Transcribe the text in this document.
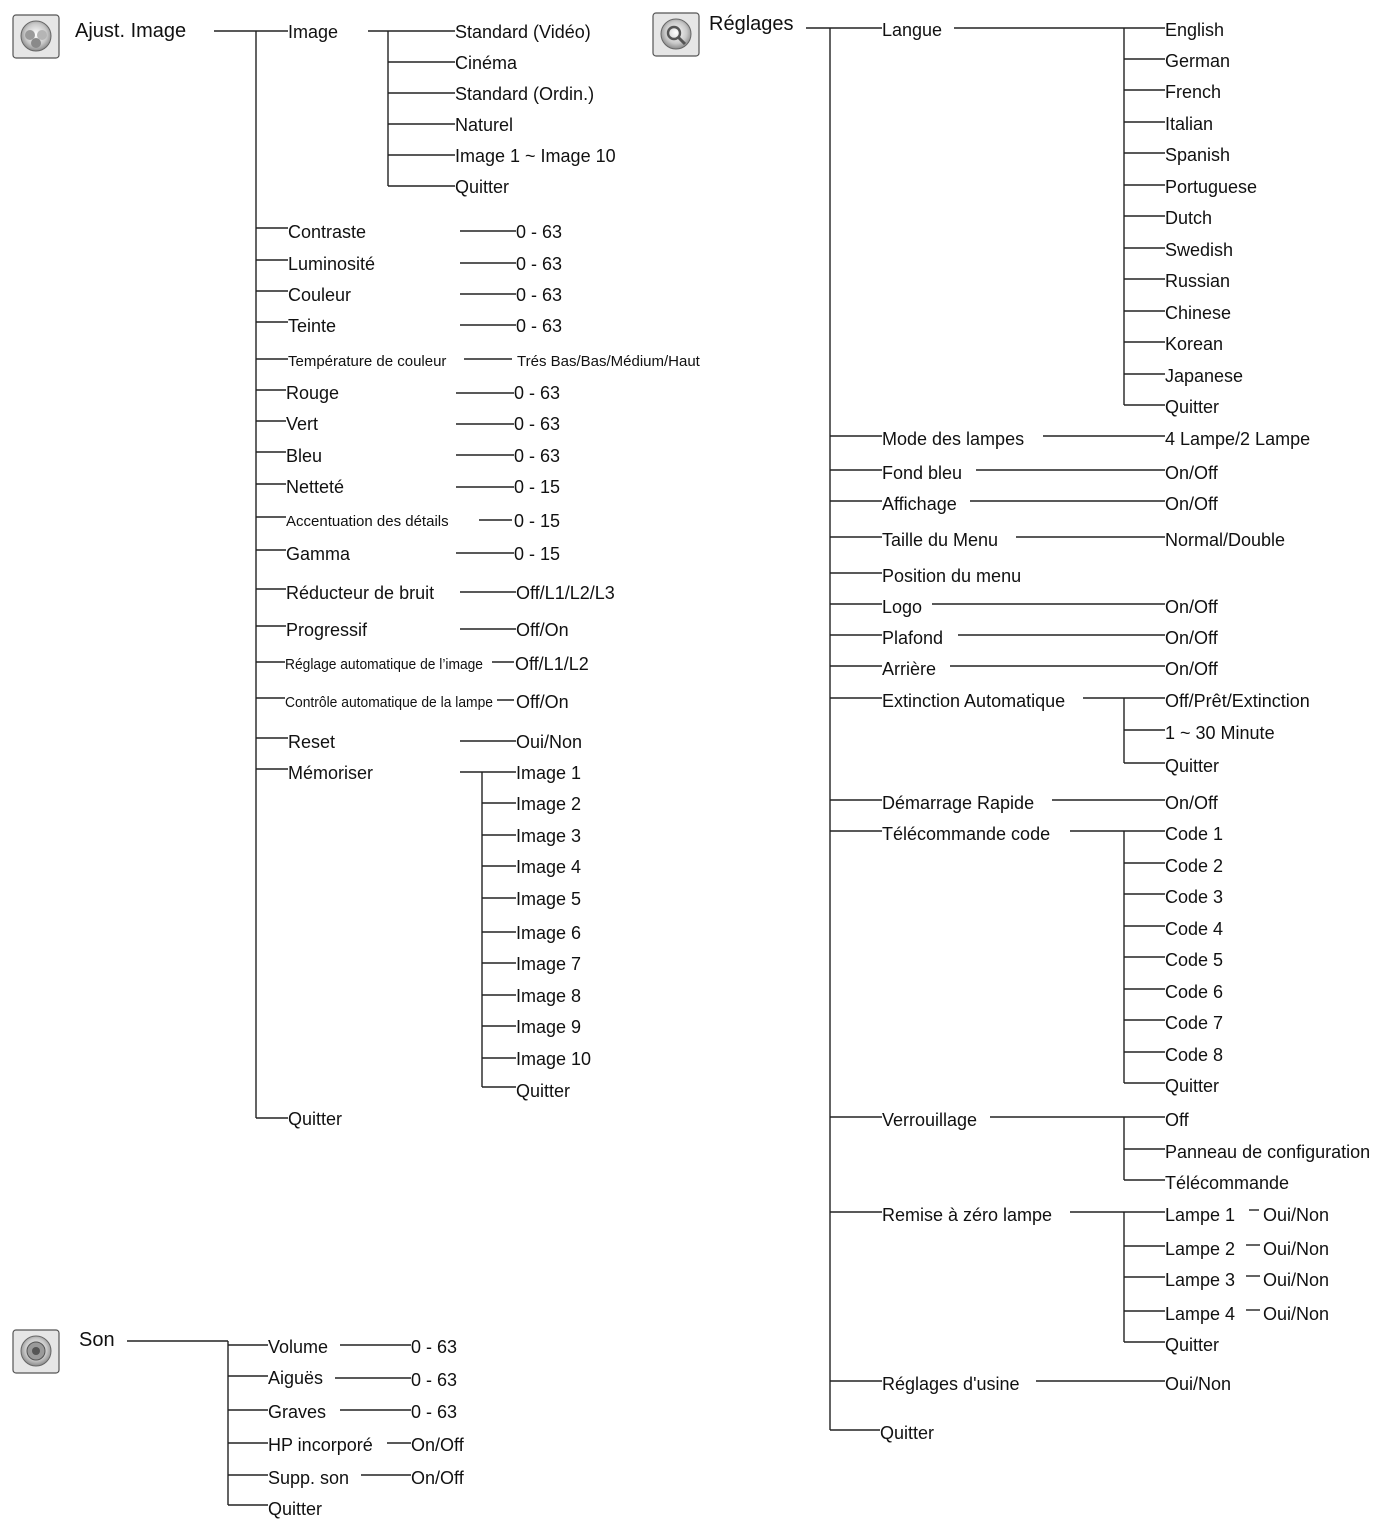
Ajust. Image	Image	Standard (Vidéo)
Cinéma
Standard (Ordin.)
Naturel
Image 1 ~ Image 10
Quitter
Contraste	0 - 63
Luminosité	0 - 63
Couleur	0 - 63
Teinte	0 - 63
Température de couleur	Trés Bas/Bas/Médium/Haut
Rouge	0 - 63
Vert	0 - 63
Bleu	0 - 63
Netteté	0 - 15
Accentuation des détails	0 - 15
Gamma	0 - 15
Réducteur de bruit	Off/L1/L2/L3
Progressif	Off/On
Réglage automatique de l’image Off/L1/L2
Contrôle automatique de la lampe Off/On
Reset	Oui/Non
Mémoriser	Image 1
Image 2
Image 3
Image 4
Image 5
Image 6
Image 7
Image 8
Image 9
Image 10
Quitter
Quitter
Son	Volume	0 - 63
Aiguës	0 - 63
Graves	0 - 63
HP incorporé On/Off
Supp. son	On/Off
Quitter
Réglages	Langue	English
German
French
Italian
Spanish
Portuguese
Dutch
Swedish
Russian
Chinese
Korean
Japanese
Quitter
Mode des lampes	4 Lampe/2 Lampe
Fond bleu	On/Off
Affichage	On/Off
Taille du Menu	Normal/Double
Position du menu
Logo	On/Off
Plafond	On/Off
Arrière	On/Off
Extinction Automatique	Off/Prêt/Extinction
1 ~ 30 Minute
Quitter
Démarrage Rapide	On/Off
Télécommande code	Code 1
Code 2
Code 3
Code 4
Code 5
Code 6
Code 7
Code 8
Quitter
Verrouillage	Off
Panneau de configuration
Télécommande
Remise à zéro lampe	Lampe 1 Oui/Non
Lampe 2 Oui/Non
Lampe 3 Oui/Non
Lampe 4 Oui/Non
Quitter
Réglages d'usine	Oui/Non
Quitter
